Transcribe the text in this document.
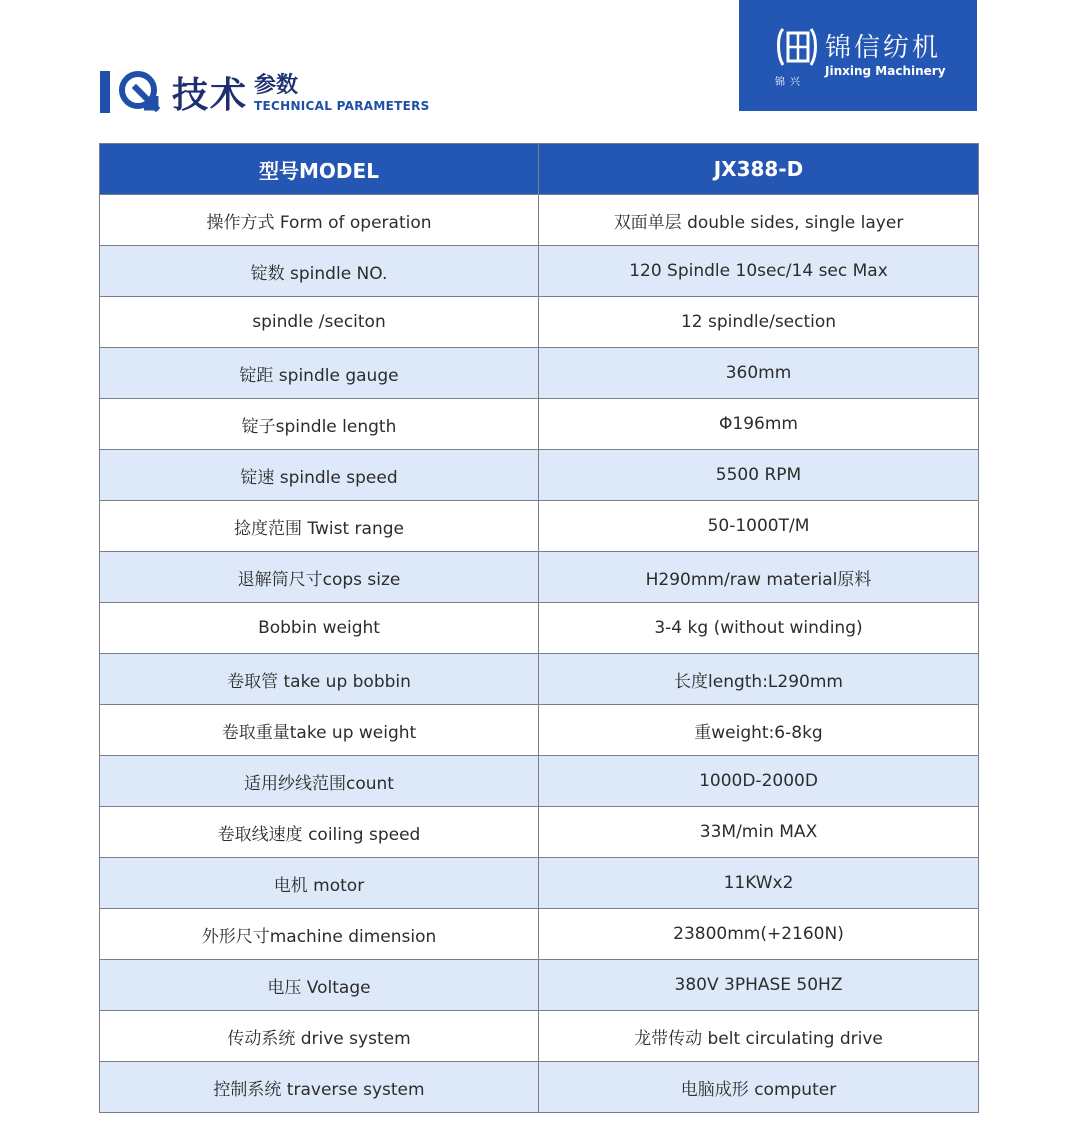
技术 参数
TECHNICAL PARAMETERS
锦兴
锦信纺机
Jinxing Machinery
型号MODEL	JX388-D
操作方式 Form of operation	双面单层 double sides, single layer
锭数 spindle NO.	120 Spindle 10sec/14 sec Max
spindle /seciton	12 spindle/section
锭距 spindle gauge	360mm
锭子spindle length	Φ196mm
锭速 spindle speed	5500 RPM
捻度范围 Twist range	50-1000T/M
退解筒尺寸cops size	H290mm/raw material原料
Bobbin weight	3-4 kg (without winding)
卷取管 take up bobbin	长度length:L290mm
卷取重量take up weight	重weight:6-8kg
适用纱线范围count	1000D-2000D
卷取线速度 coiling speed	33M/min MAX
电机 motor	11KWx2
外形尺寸machine dimension	23800mm(+2160N)
电压 Voltage	380V 3PHASE 50HZ
传动系统 drive system	龙带传动 belt circulating drive
控制系统 traverse system	电脑成形 computer
